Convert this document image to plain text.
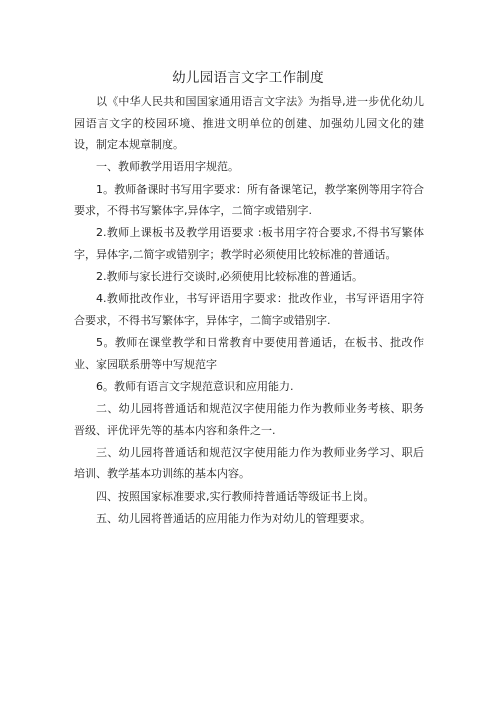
幼儿园语言文字工作制度

以《中华人民共和国国家通用语言文字法》为指导,进一步优化幼儿园语言文字的校园环境、推进文明单位的创建、加强幼儿园文化的建设，制定本规章制度。

一、教师教学用语用字规范。

1。教师备课时书写用字要求：所有备课笔记，教学案例等用字符合要求，不得书写繁体字,异体字，二简字或错别字.

2.教师上课板书及教学用语要求 :板书用字符合要求,不得书写繁体字，异体字,二简字或错别字；教学时必须使用比较标准的普通话。

2.教师与家长进行交谈时,必须使用比较标准的普通话。

4.教师批改作业，书写评语用字要求：批改作业，书写评语用字符合要求，不得书写繁体字，异体字，二简字或错别字.

5。教师在课堂教学和日常教育中要使用普通话，在板书、批改作业、家园联系册等中写规范字

6。教师有语言文字规范意识和应用能力.

二、幼儿园将普通话和规范汉字使用能力作为教师业务考核、职务晋级、评优评先等的基本内容和条件之一.

三、幼儿园将普通话和规范汉字使用能力作为教师业务学习、职后培训、教学基本功训练的基本内容。

四、按照国家标准要求,实行教师持普通话等级证书上岗。

五、幼儿园将普通话的应用能力作为对幼儿的管理要求。
